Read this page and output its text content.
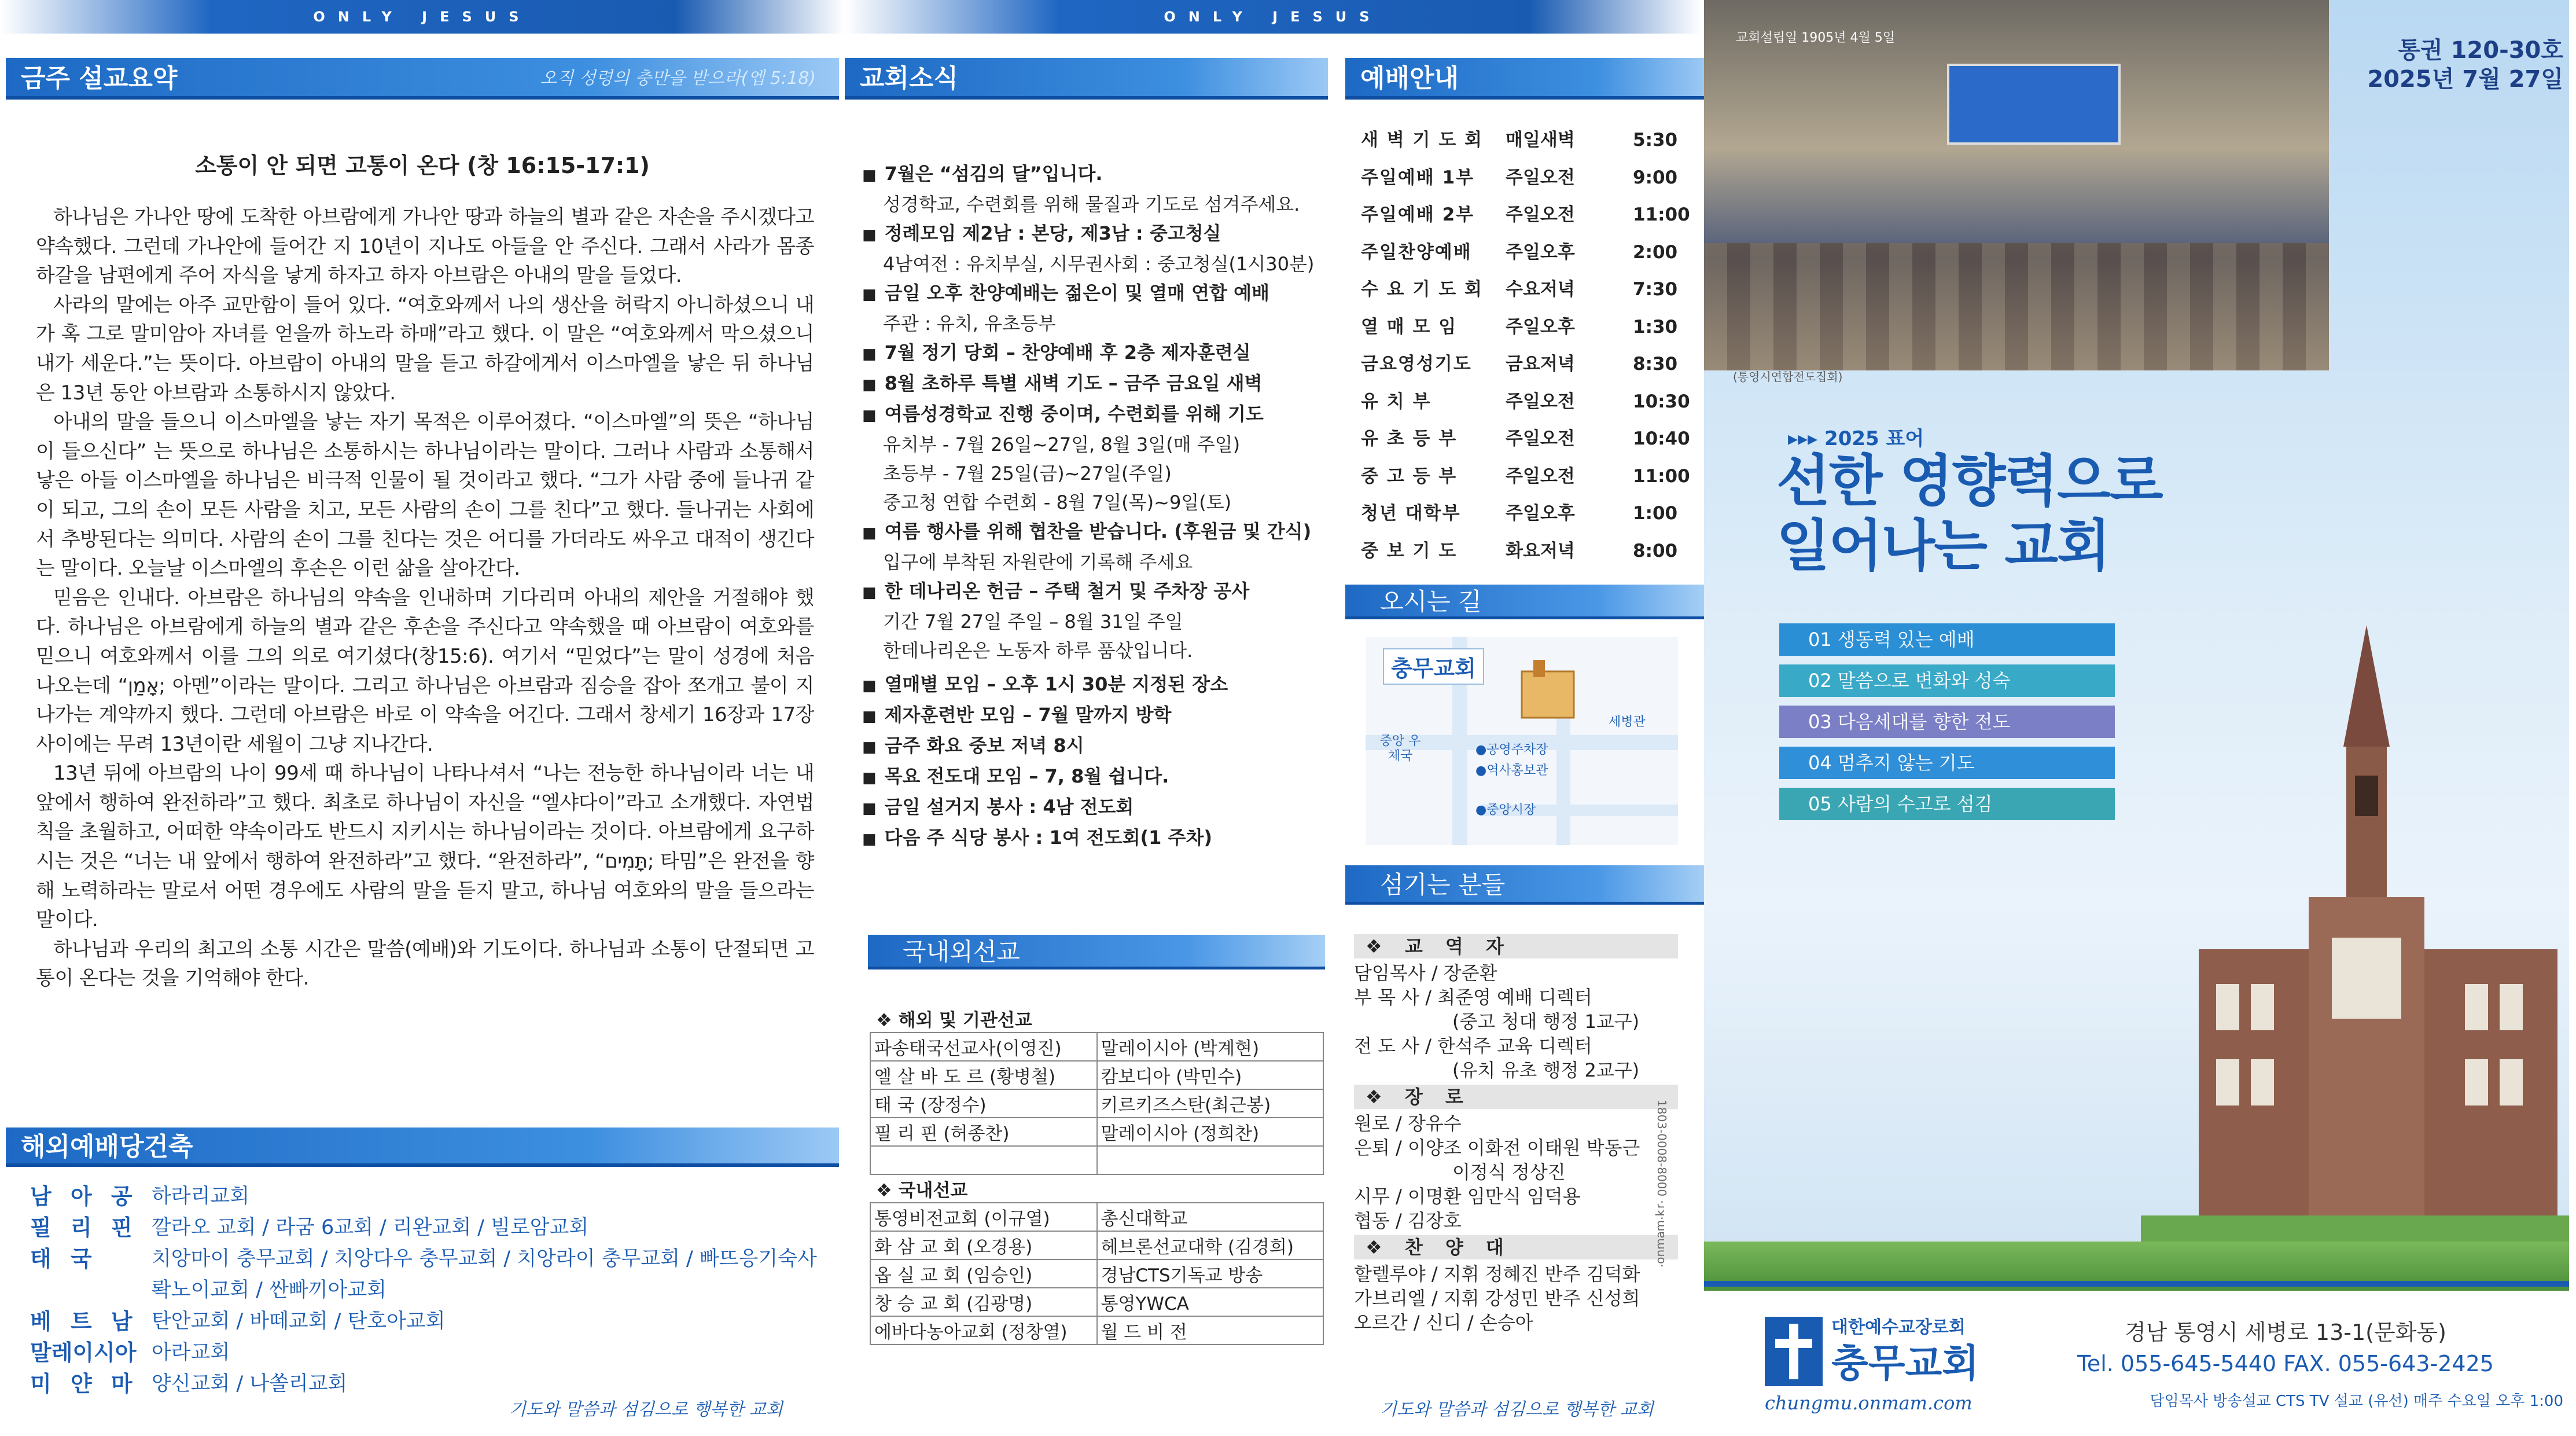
ONLY JESUS	ONLY JESUS
금주 설교요약	오직 성령의 충만을 받으라(엡 5:18)
소통이 안 되면 고통이 온다 (창 16:15-17:1)

하나님은 가나안 땅에 도착한 아브람에게 가나안 땅과 하늘의 별과 같은 자손을 주시겠다고 약속했다. 그런데 가나안에 들어간 지 10년이 지나도 아들을 안 주신다. 그래서 사라가 몸종 하갈을 남편에게 주어 자식을 낳게 하자고 하자 아브람은 아내의 말을 들었다.

사라의 말에는 아주 교만함이 들어 있다. “여호와께서 나의 생산을 허락지 아니하셨으니 내가 혹 그로 말미암아 자녀를 얻을까 하노라 하매”라고 했다. 이 말은 “여호와께서 막으셨으니 내가 세운다.”는 뜻이다. 아브람이 아내의 말을 듣고 하갈에게서 이스마엘을 낳은 뒤 하나님은 13년 동안 아브람과 소통하시지 않았다.

아내의 말을 들으니 이스마엘을 낳는 자기 목적은 이루어졌다. “이스마엘”의 뜻은 “하나님이 들으신다” 는 뜻으로 하나님은 소통하시는 하나님이라는 말이다. 그러나 사람과 소통해서 낳은 아들 이스마엘을 하나님은 비극적 인물이 될 것이라고 했다. “그가 사람 중에 들나귀 같이 되고, 그의 손이 모든 사람을 치고, 모든 사람의 손이 그를 친다”고 했다. 들나귀는 사회에서 추방된다는 의미다. 사람의 손이 그를 친다는 것은 어디를 가더라도 싸우고 대적이 생긴다는 말이다. 오늘날 이스마엘의 후손은 이런 삶을 살아간다.

믿음은 인내다. 아브람은 하나님의 약속을 인내하며 기다리며 아내의 제안을 거절해야 했다. 하나님은 아브람에게 하늘의 별과 같은 후손을 주신다고 약속했을 때 아브람이 여호와를 믿으니 여호와께서 이를 그의 의로 여기셨다(창15:6). 여기서 “믿었다”는 말이 성경에 처음 나오는데 “אָמַן; 아멘”이라는 말이다. 그리고 하나님은 아브람과 짐승을 잡아 쪼개고 불이 지나가는 계약까지 했다. 그런데 아브람은 바로 이 약속을 어긴다. 그래서 창세기 16장과 17장 사이에는 무려 13년이란 세월이 그냥 지나간다.

13년 뒤에 아브람의 나이 99세 때 하나님이 나타나셔서 “나는 전능한 하나님이라 너는 내 앞에서 행하여 완전하라”고 했다. 최초로 하나님이 자신을 “엘샤다이”라고 소개했다. 자연법칙을 초월하고, 어떠한 약속이라도 반드시 지키시는 하나님이라는 것이다. 아브람에게 요구하시는 것은 “너는 내 앞에서 행하여 완전하라”고 했다. “완전하라”, “תָּמִים; 타밈”은 완전을 향해 노력하라는 말로서 어떤 경우에도 사람의 말을 듣지 말고, 하나님 여호와의 말을 들으라는 말이다.

하나님과 우리의 최고의 소통 시간은 말씀(예배)와 기도이다. 하나님과 소통이 단절되면 고통이 온다는 것을 기억해야 한다.

해외예배당건축
남 아 공 하라리교회
필 리 핀 깔라오 교회 / 라굼 6교회 / 리완교회 / 빌로암교회
태 국	치앙마이 충무교회 / 치앙다우 충무교회 / 치앙라이 충무교회 / 빠뜨응기숙사
롹노이교회 / 싼빠끼아교회
베 트 남 탄안교회 / 바떼교회 / 탄호아교회
말레이시아 아라교회
미 얀 마 양신교회 / 나쏠리교회
기도와 말씀과 섬김으로 행복한 교회
교회소식
■ 7월은 “섬김의 달”입니다.
성경학교, 수련회를 위해 물질과 기도로 섬겨주세요.
■ 정례모임 제2남 : 본당, 제3남 : 중고청실
4남여전 : 유치부실, 시무권사회 : 중고청실(1시30분)
■ 금일 오후 찬양예배는 젊은이 및 열매 연합 예배
주관 : 유치, 유초등부
■ 7월 정기 당회 – 찬양예배 후 2층 제자훈련실
■ 8월 초하루 특별 새벽 기도 – 금주 금요일 새벽
■ 여름성경학교 진행 중이며, 수련회를 위해 기도
유치부 - 7월 26일~27일, 8월 3일(매 주일)
초등부 - 7월 25일(금)~27일(주일)
중고청 연합 수련회 - 8월 7일(목)~9일(토)
■ 여름 행사를 위해 협찬을 받습니다. (후원금 및 간식)
입구에 부착된 자원란에 기록해 주세요
■ 한 데나리온 헌금 – 주택 철거 및 주차장 공사
기간 7월 27일 주일 – 8월 31일 주일
한데나리온은 노동자 하루 품삯입니다.
■ 열매별 모임 – 오후 1시 30분 지정된 장소
■ 제자훈련반 모임 – 7월 말까지 방학
■ 금주 화요 중보 저녁 8시
■ 목요 전도대 모임 – 7, 8월 쉽니다.
■ 금일 설거지 봉사 : 4남 전도회
■ 다음 주 식당 봉사 : 1여 전도회(1 주차)
국내외선교
❖ 해외 및 기관선교	
파송태국선교사(이영진)	말레이시아 (박계현)
엘 살 바 도 르 (황병철)	캄보디아 (박민수)
태 국 (장정수)	키르키즈스탄(최근봉)
필 리 핀 (허종찬)	말레이시아 (정희찬)

❖ 국내선교	
통영비전교회 (이규열)	총신대학교
화 삼 교 회 (오경용)	헤브론선교대학 (김경희)
옵 실 교 회 (임승인)	경남CTS기독교 방송
창 승 교 회 (김광명)	통영YWCA
에바다농아교회 (정창열)	월 드 비 전
예배안내
새 벽 기 도 회	매일새벽	5:30
주일예배 1부	주일오전	9:00
주일예배 2부	주일오전	11:00
주일찬양예배	주일오후	2:00
수 요 기 도 회	수요저녁	7:30
열 매 모 임	주일오후	1:30
금요영성기도	금요저녁	8:30
유 치 부	주일오전	10:30
유 초 등 부	주일오전	10:40
중 고 등 부	주일오전	11:00
청년 대학부	주일오후	1:00
중 보 기 도	화요저녁	8:00
오시는 길
충무교회
중앙 우체국
세병관
●공영주차장
●역사홍보관
●중앙시장
섬기는 분들
❖ 교 역 자
담임목사 / 장준환
부 목 사 / 최준영 예배 디렉터
(중고 청대 행정 1교구)
전 도 사 / 한석주 교육 디렉터
(유치 유초 행정 2교구)
❖ 장 로
원로 / 장유수
은퇴 / 이양조 이화전 이태원 박동근
이정식 정상진
시무 / 이명환 임만식 임덕용
협동 / 김장호
❖ 찬 양 대
할렐루야 / 지휘 정혜진 반주 김덕화
가브리엘 / 지휘 강성민 반주 신성희
오르간 / 신디 / 손승아
기도와 말씀과 섬김으로 행복한 교회
1803-0008-8000 ·ɹʞ·ɯɐɯuo·
교회설립일 1905년 4월 5일
(통영시연합전도집회)
통권 120-30호
2025년 7월 27일
▸▸▸ 2025 표어
선한 영향력으로
일어나는 교회
01 생동력 있는 예배
02 말씀으로 변화와 성숙
03 다음세대를 향한 전도
04 멈추지 않는 기도
05 사람의 수고로 섬김
대한예수교장로회
충무교회
chungmu.onmam.com
경남 통영시 세병로 13-1(문화동)
Tel. 055-645-5440 FAX. 055-643-2425
담임목사 방송설교 CTS TV 설교 (유선) 매주 수요일 오후 1:00
